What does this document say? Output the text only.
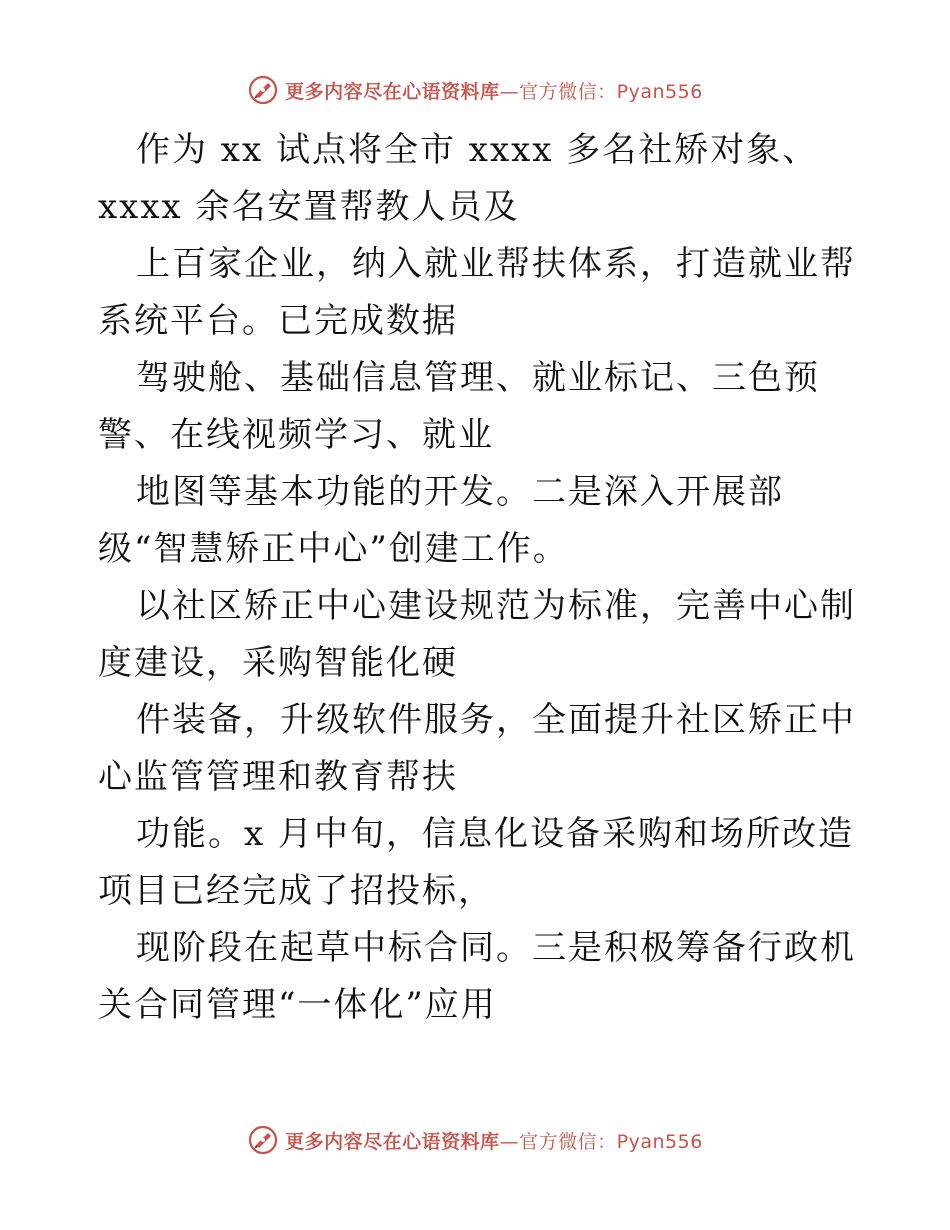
更多内容尽在心语资料库—官方微信：Pyan556

作为 xx 试点将全市 xxxx 多名社矫对象、xxxx 余名安置帮教人员及

上百家企业，纳入就业帮扶体系，打造就业帮系统平台。已完成数据

驾驶舱、基础信息管理、就业标记、三色预警、在线视频学习、就业

地图等基本功能的开发。二是深入开展部级“智慧矫正中心”创建工作。

以社区矫正中心建设规范为标准，完善中心制度建设，采购智能化硬

件装备，升级软件服务，全面提升社区矫正中心监管管理和教育帮扶

功能。x 月中旬，信息化设备采购和场所改造项目已经完成了招投标，

现阶段在起草中标合同。三是积极筹备行政机关合同管理“一体化”应用

更多内容尽在心语资料库—官方微信：Pyan556
